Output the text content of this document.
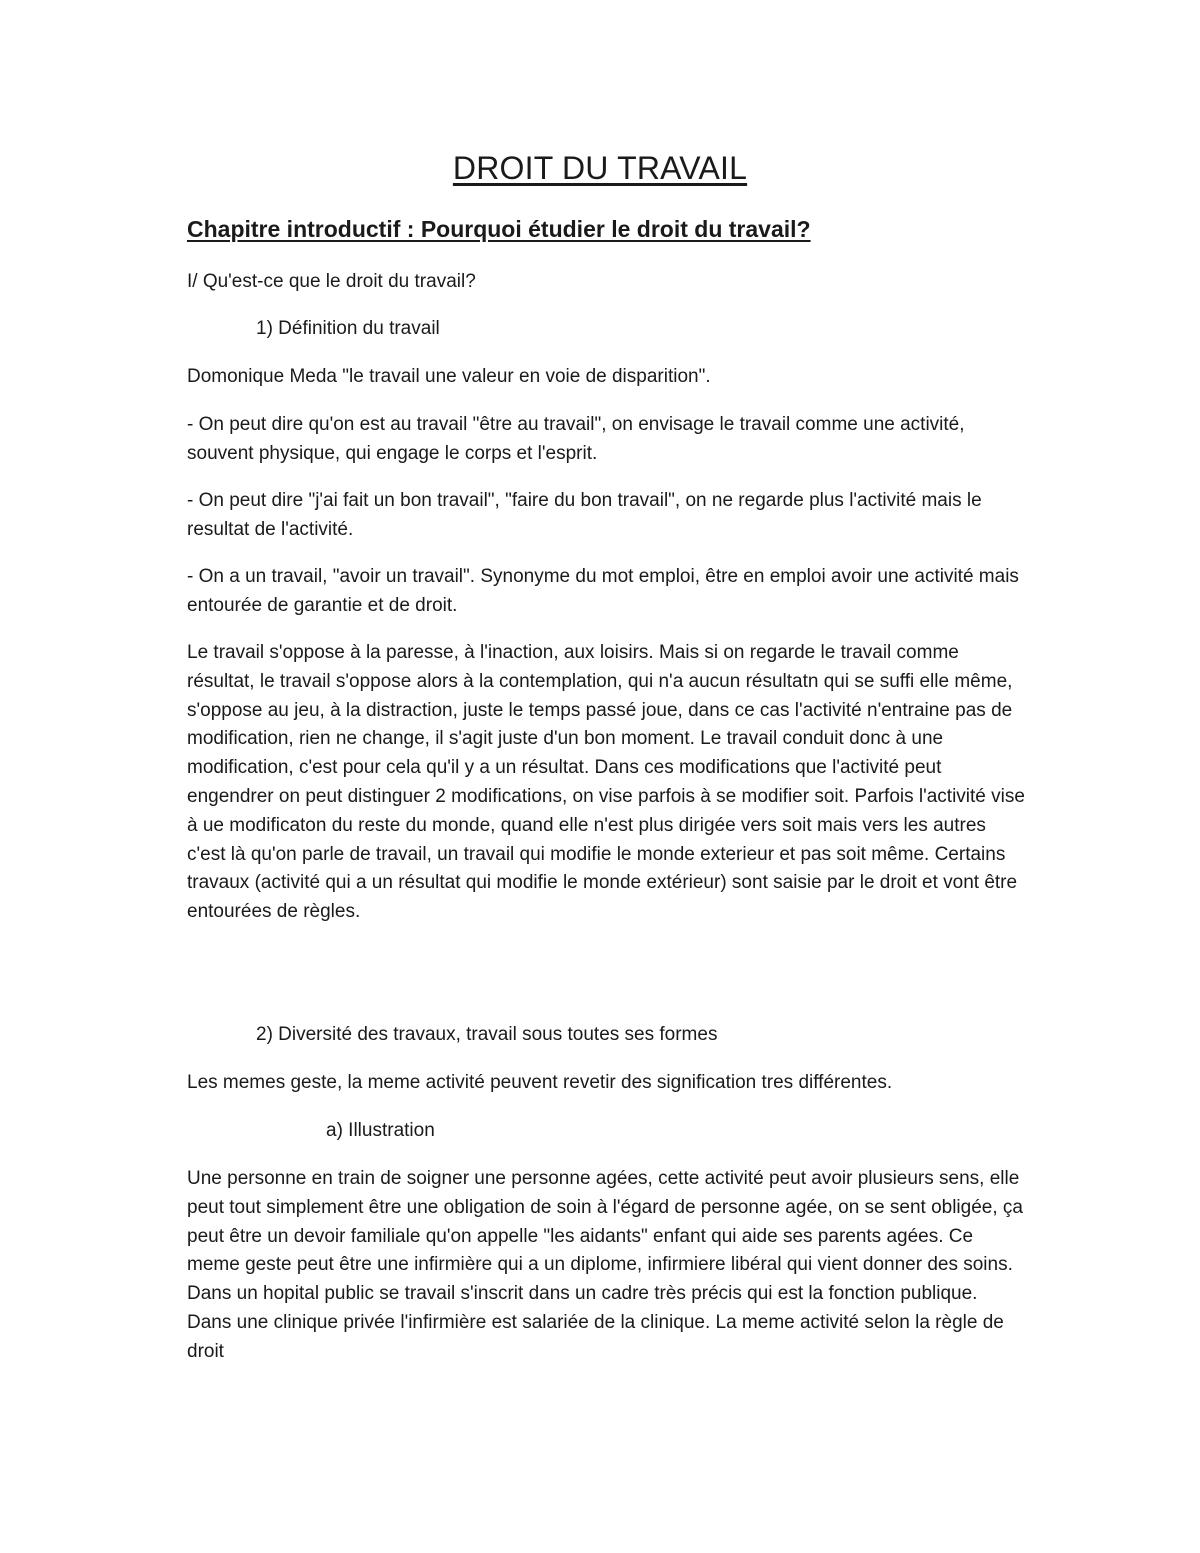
DROIT DU TRAVAIL
Chapitre introductif : Pourquoi étudier le droit du travail?

I/ Qu'est-ce que le droit du travail?

1) Définition du travail

Domonique Meda "le travail une valeur en voie de disparition".

- On peut dire qu'on est au travail "être au travail", on envisage le travail comme une activité, souvent physique, qui engage le corps et l'esprit.

- On peut dire "j'ai fait un bon travail", "faire du bon travail", on ne regarde plus l'activité mais le resultat de l'activité.

- On a un travail, "avoir un travail". Synonyme du mot emploi, être en emploi avoir une activité mais entourée de garantie et de droit.

Le travail s'oppose à la paresse, à l'inaction, aux loisirs. Mais si on regarde le travail comme résultat, le travail s'oppose alors à la contemplation, qui n'a aucun résultatn qui se suffi elle même, s'oppose au jeu, à la distraction, juste le temps passé joue, dans ce cas l'activité n'entraine pas de modification, rien ne change, il s'agit juste d'un bon moment. Le travail conduit donc à une modification, c'est pour cela qu'il y a un résultat. Dans ces modifications que l'activité peut engendrer on peut distinguer 2 modifications, on vise parfois à se modifier soit. Parfois l'activité vise à ue modificaton du reste du monde, quand elle n'est plus dirigée vers soit mais vers les autres c'est là qu'on parle de travail, un travail qui modifie le monde exterieur et pas soit même. Certains travaux (activité qui a un résultat qui modifie le monde extérieur) sont saisie par le droit et vont être entourées de règles.

2) Diversité des travaux, travail sous toutes ses formes

Les memes geste, la meme activité peuvent revetir des signification tres différentes.

a) Illustration

Une personne en train de soigner une personne agées, cette activité peut avoir plusieurs sens, elle peut tout simplement être une obligation de soin à l'égard de personne agée, on se sent obligée, ça peut être un devoir familiale qu'on appelle "les aidants" enfant qui aide ses parents agées. Ce meme geste peut être une infirmière qui a un diplome, infirmiere libéral qui vient donner des soins. Dans un hopital public se travail s'inscrit dans un cadre très précis qui est la fonction publique. Dans une clinique privée l'infirmière est salariée de la clinique. La meme activité selon la règle de droit
